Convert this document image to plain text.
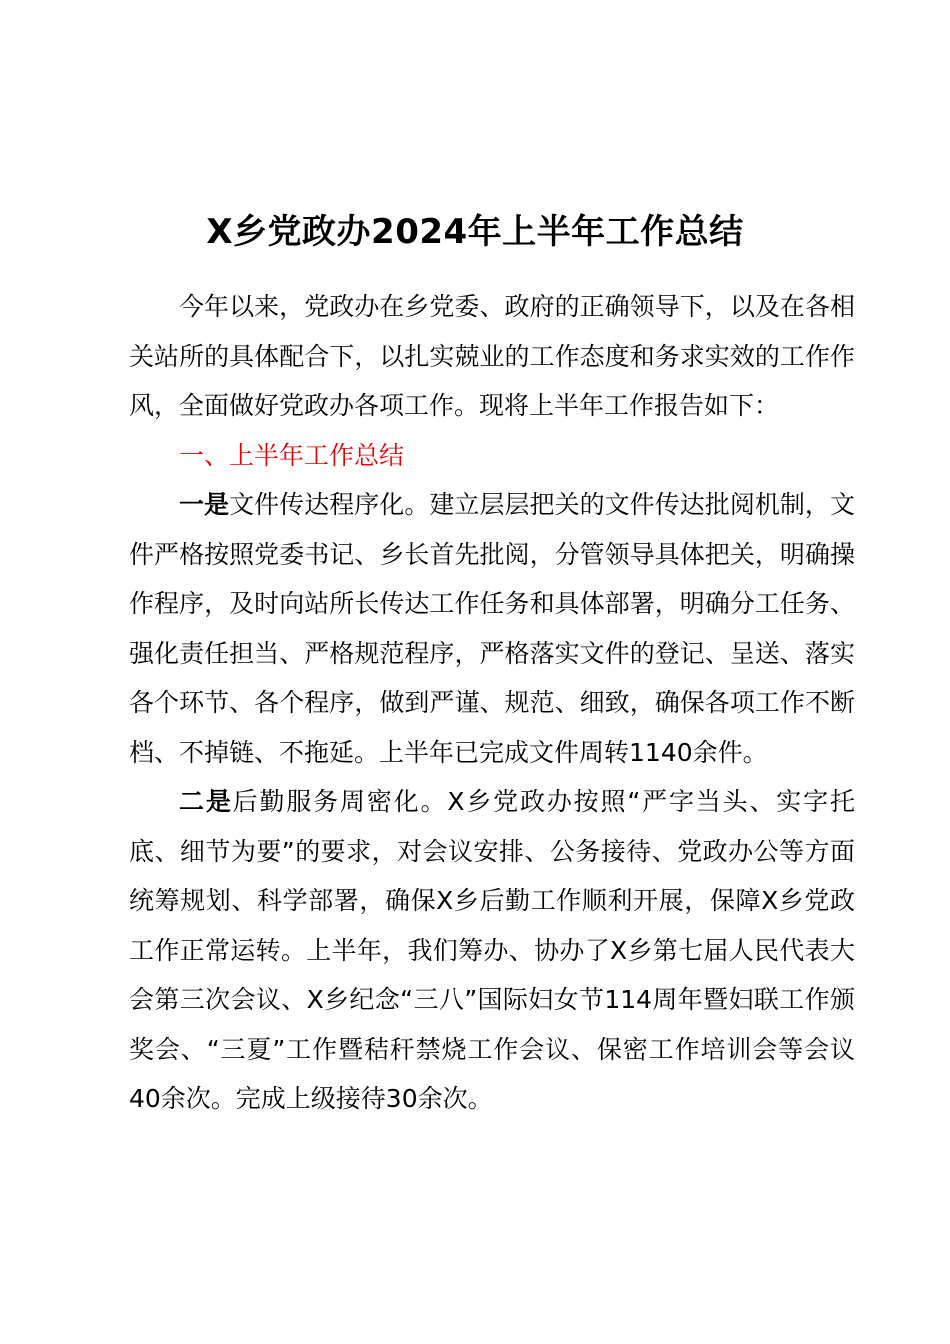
X乡党政办2024年上半年工作总结

今年以来，党政办在乡党委、政府的正确领导下，以及在各相关站所的具体配合下，以扎实兢业的工作态度和务求实效的工作作风，全面做好党政办各项工作。现将上半年工作报告如下：

一、上半年工作总结

一是文件传达程序化。建立层层把关的文件传达批阅机制，文件严格按照党委书记、乡长首先批阅，分管领导具体把关，明确操作程序，及时向站所长传达工作任务和具体部署，明确分工任务、强化责任担当、严格规范程序，严格落实文件的登记、呈送、落实各个环节、各个程序，做到严谨、规范、细致，确保各项工作不断档、不掉链、不拖延。上半年已完成文件周转1140余件。

二是后勤服务周密化。X乡党政办按照“严字当头、实字托底、细节为要”的要求，对会议安排、公务接待、党政办公等方面统筹规划、科学部署，确保X乡后勤工作顺利开展，保障X乡党政工作正常运转。上半年，我们筹办、协办了X乡第七届人民代表大会第三次会议、X乡纪念“三八”国际妇女节114周年暨妇联工作颁奖会、“三夏”工作暨秸秆禁烧工作会议、保密工作培训会等会议40余次。完成上级接待30余次。
